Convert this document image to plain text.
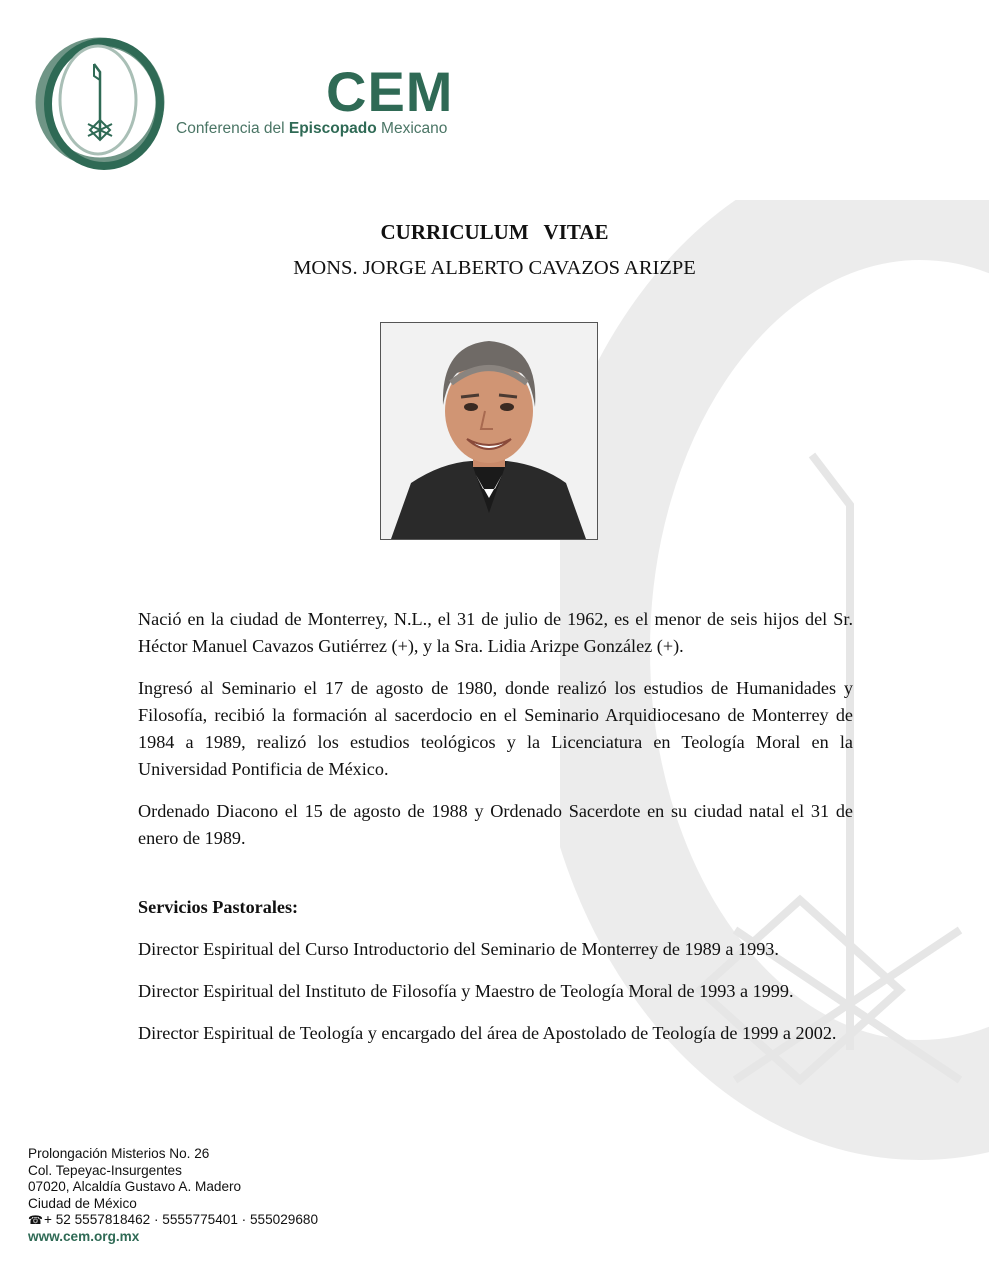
CEM
Conferencia del Episcopado Mexicano
CURRICULUM VITAE
MONS. JORGE ALBERTO CAVAZOS ARIZPE

Nació en la ciudad de Monterrey, N.L., el 31 de julio de 1962, es el menor de seis hijos del Sr. Héctor Manuel Cavazos Gutiérrez (+), y la Sra. Lidia Arizpe González (+).

Ingresó al Seminario el 17 de agosto de 1980, donde realizó los estudios de Humanidades y Filosofía, recibió la formación al sacerdocio en el Seminario Arquidiocesano de Monterrey de 1984 a 1989, realizó los estudios teológicos y la Licenciatura en Teología Moral en la Universidad Pontificia de México.

Ordenado Diacono el 15 de agosto de 1988 y Ordenado Sacerdote en su ciudad natal el 31 de enero de 1989.

Servicios Pastorales:

Director Espiritual del Curso Introductorio del Seminario de Monterrey de 1989 a 1993.

Director Espiritual del Instituto de Filosofía y Maestro de Teología Moral de 1993 a 1999.

Director Espiritual de Teología y encargado del área de Apostolado de Teología de 1999 a 2002.

Prolongación Misterios No. 26
Col. Tepeyac-Insurgentes
07020, Alcaldía Gustavo A. Madero
Ciudad de México
☎+ 52 5557818462 · 5555775401 · 555029680
www.cem.org.mx
